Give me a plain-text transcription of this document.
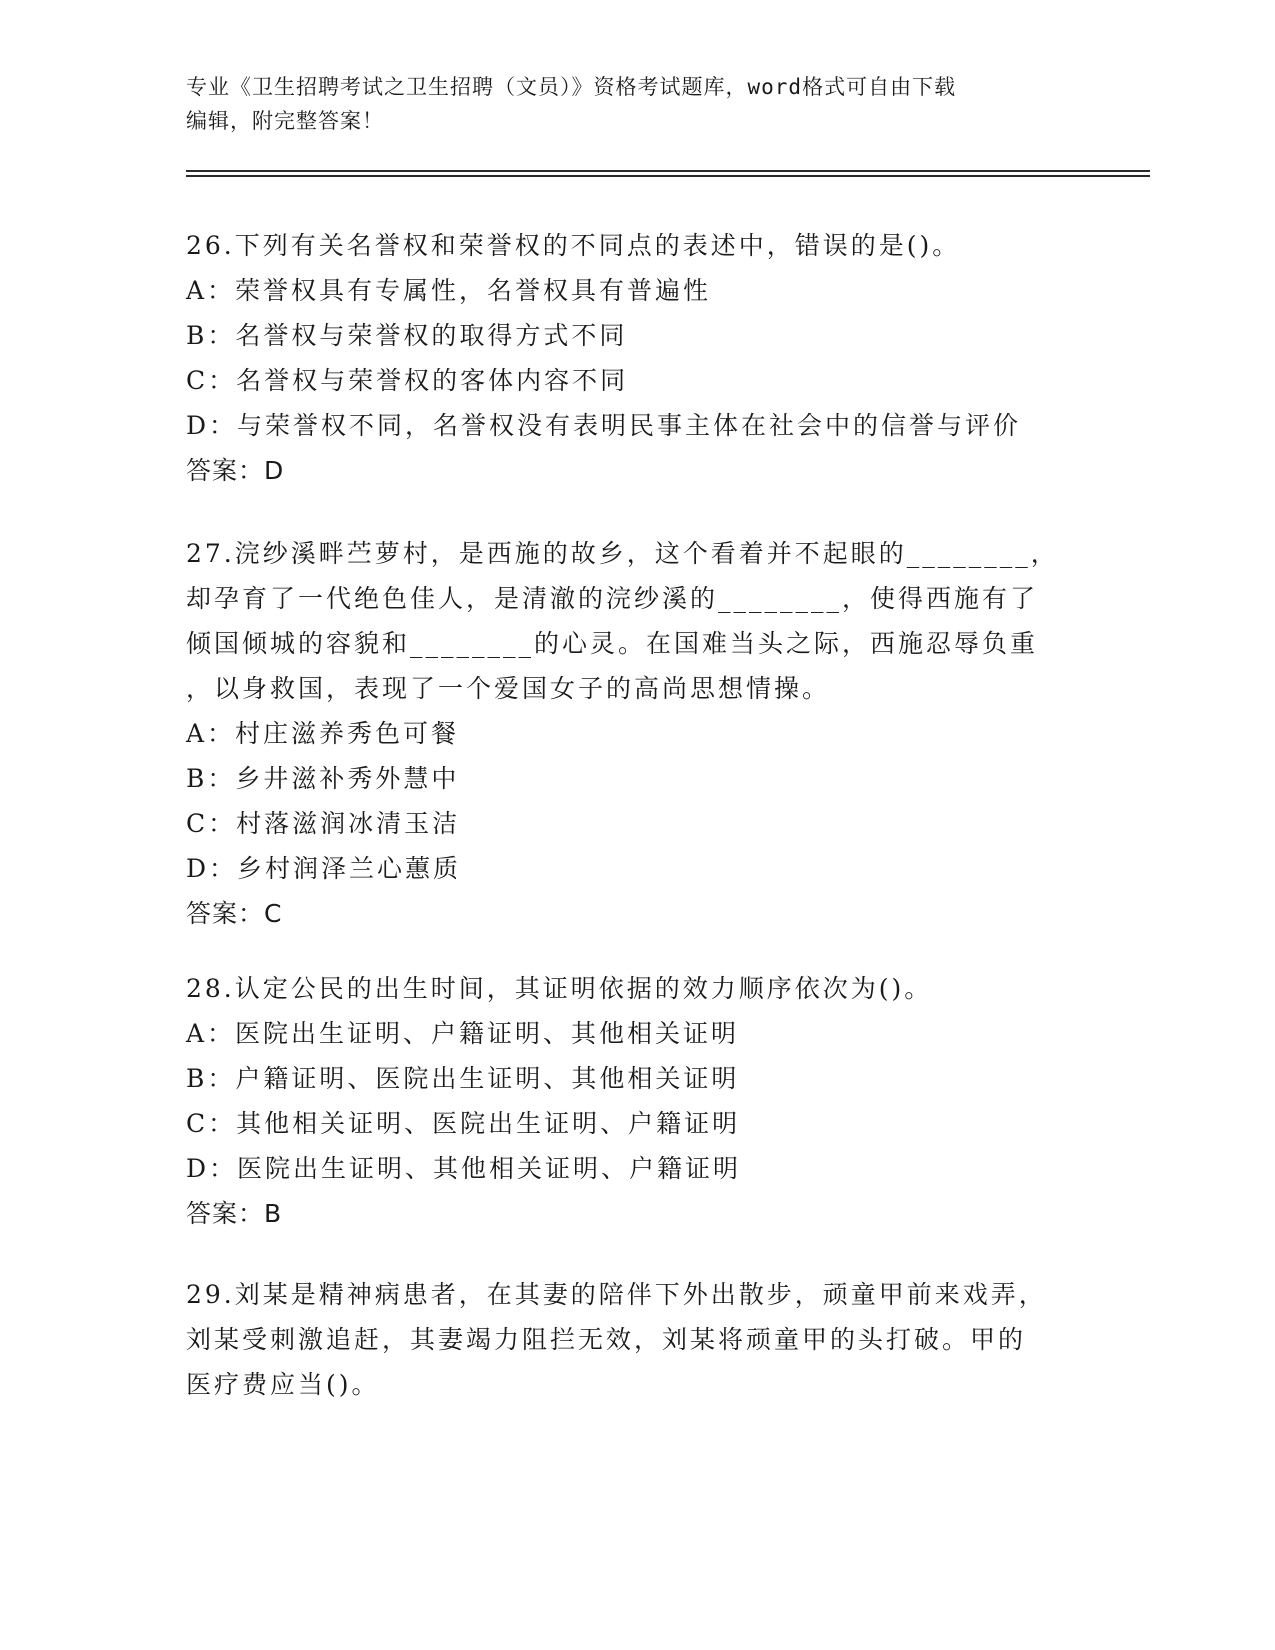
专业《卫生招聘考试之卫生招聘（文员）》资格考试题库，word格式可自由下载
编辑，附完整答案！
26.下列有关名誉权和荣誉权的不同点的表述中，错误的是()。
A：荣誉权具有专属性，名誉权具有普遍性
B：名誉权与荣誉权的取得方式不同
C：名誉权与荣誉权的客体内容不同
D：与荣誉权不同，名誉权没有表明民事主体在社会中的信誉与评价
答案：D
27.浣纱溪畔苎萝村，是西施的故乡，这个看着并不起眼的________，
却孕育了一代绝色佳人，是清澈的浣纱溪的________，使得西施有了
倾国倾城的容貌和________的心灵。在国难当头之际，西施忍辱负重
，以身救国，表现了一个爱国女子的高尚思想情操。
A：村庄滋养秀色可餐
B：乡井滋补秀外慧中
C：村落滋润冰清玉洁
D：乡村润泽兰心蕙质
答案：C
28.认定公民的出生时间，其证明依据的效力顺序依次为()。
A：医院出生证明、户籍证明、其他相关证明
B：户籍证明、医院出生证明、其他相关证明
C：其他相关证明、医院出生证明、户籍证明
D：医院出生证明、其他相关证明、户籍证明
答案：B
29.刘某是精神病患者，在其妻的陪伴下外出散步，顽童甲前来戏弄，
刘某受刺激追赶，其妻竭力阻拦无效，刘某将顽童甲的头打破。甲的
医疗费应当()。
